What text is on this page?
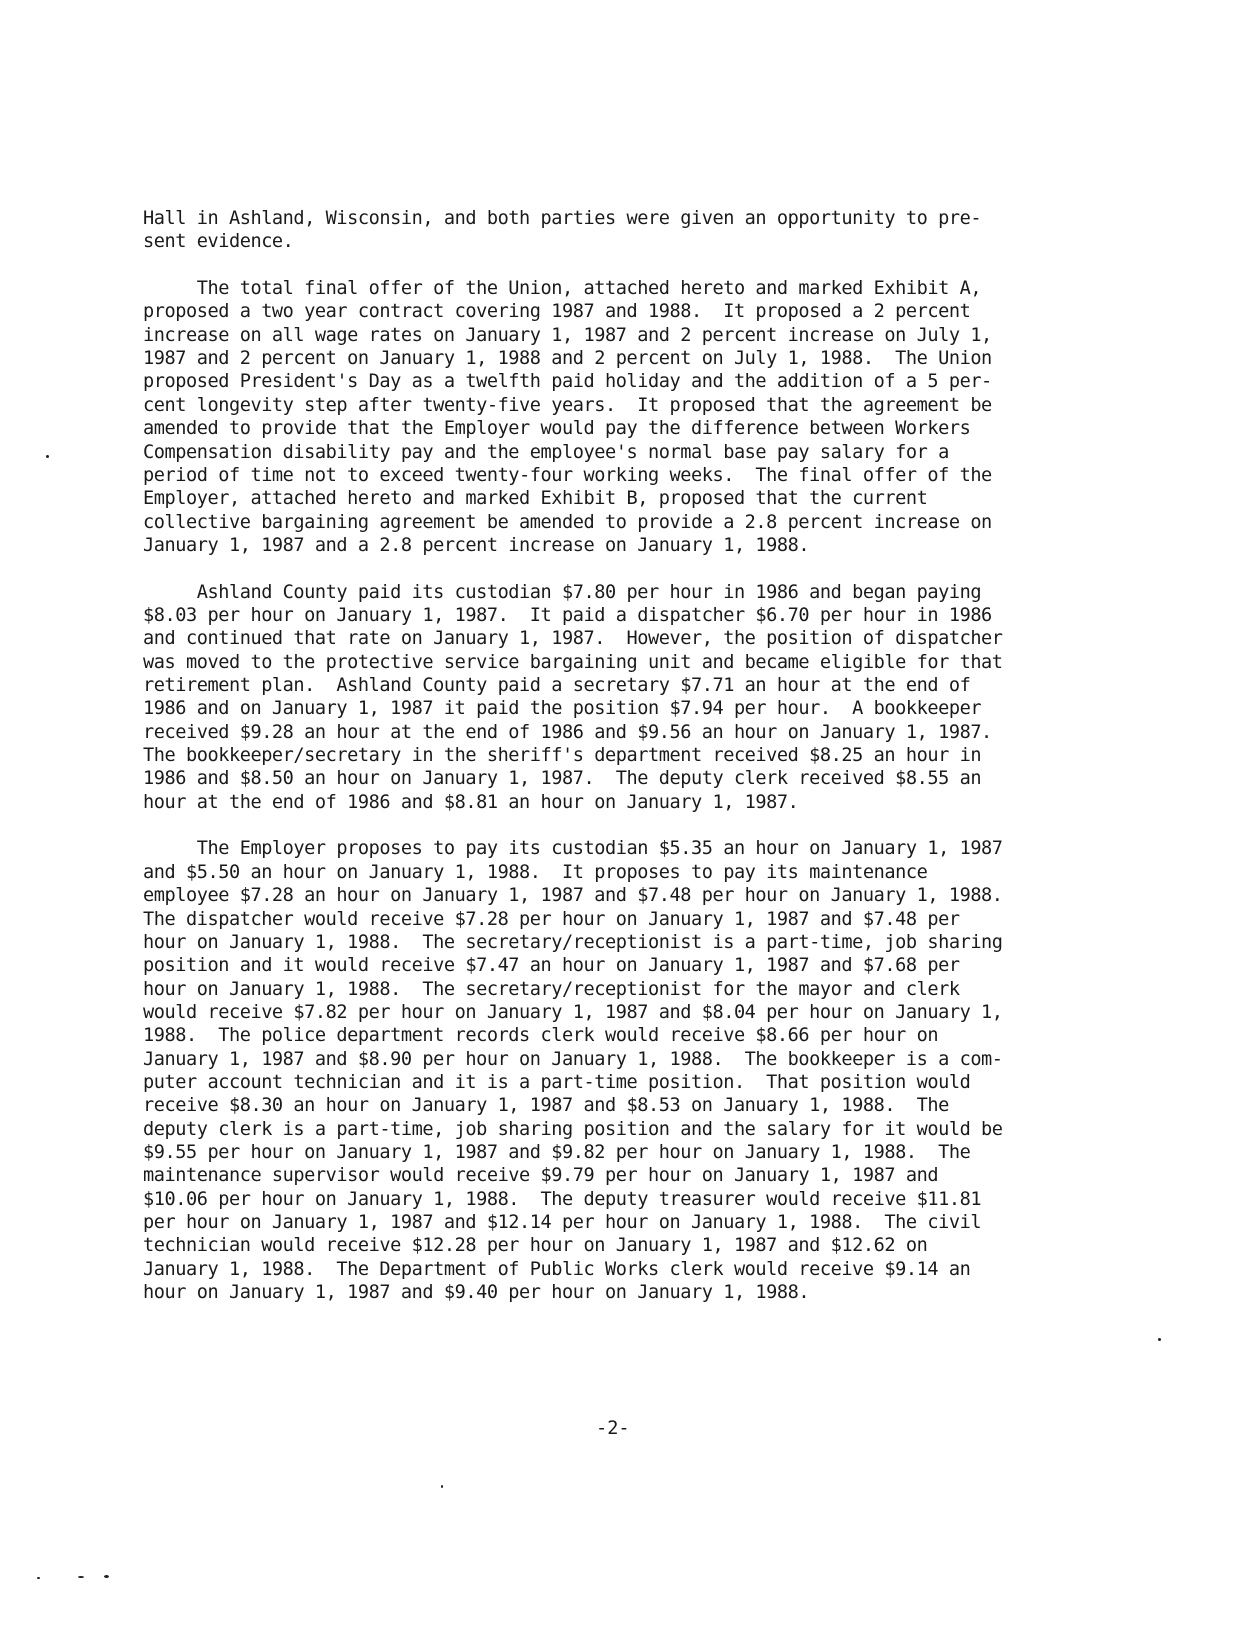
Hall in Ashland, Wisconsin, and both parties were given an opportunity to pre-
sent evidence.
The total final offer of the Union, attached hereto and marked Exhibit A,
proposed a two year contract covering 1987 and 1988.  It proposed a 2 percent
increase on all wage rates on January 1, 1987 and 2 percent increase on July 1,
1987 and 2 percent on January 1, 1988 and 2 percent on July 1, 1988.  The Union
proposed President's Day as a twelfth paid holiday and the addition of a 5 per-
cent longevity step after twenty-five years.  It proposed that the agreement be
amended to provide that the Employer would pay the difference between Workers
Compensation disability pay and the employee's normal base pay salary for a
period of time not to exceed twenty-four working weeks.  The final offer of the
Employer, attached hereto and marked Exhibit B, proposed that the current
collective bargaining agreement be amended to provide a 2.8 percent increase on
January 1, 1987 and a 2.8 percent increase on January 1, 1988.
Ashland County paid its custodian $7.80 per hour in 1986 and began paying
$8.03 per hour on January 1, 1987.  It paid a dispatcher $6.70 per hour in 1986
and continued that rate on January 1, 1987.  However, the position of dispatcher
was moved to the protective service bargaining unit and became eligible for that
retirement plan.  Ashland County paid a secretary $7.71 an hour at the end of
1986 and on January 1, 1987 it paid the position $7.94 per hour.  A bookkeeper
received $9.28 an hour at the end of 1986 and $9.56 an hour on January 1, 1987.
The bookkeeper/secretary in the sheriff's department received $8.25 an hour in
1986 and $8.50 an hour on January 1, 1987.  The deputy clerk received $8.55 an
hour at the end of 1986 and $8.81 an hour on January 1, 1987.
The Employer proposes to pay its custodian $5.35 an hour on January 1, 1987
and $5.50 an hour on January 1, 1988.  It proposes to pay its maintenance
employee $7.28 an hour on January 1, 1987 and $7.48 per hour on January 1, 1988.
The dispatcher would receive $7.28 per hour on January 1, 1987 and $7.48 per
hour on January 1, 1988.  The secretary/receptionist is a part-time, job sharing
position and it would receive $7.47 an hour on January 1, 1987 and $7.68 per
hour on January 1, 1988.  The secretary/receptionist for the mayor and clerk
would receive $7.82 per hour on January 1, 1987 and $8.04 per hour on January 1,
1988.  The police department records clerk would receive $8.66 per hour on
January 1, 1987 and $8.90 per hour on January 1, 1988.  The bookkeeper is a com-
puter account technician and it is a part-time position.  That position would
receive $8.30 an hour on January 1, 1987 and $8.53 on January 1, 1988.  The
deputy clerk is a part-time, job sharing position and the salary for it would be
$9.55 per hour on January 1, 1987 and $9.82 per hour on January 1, 1988.  The
maintenance supervisor would receive $9.79 per hour on January 1, 1987 and
$10.06 per hour on January 1, 1988.  The deputy treasurer would receive $11.81
per hour on January 1, 1987 and $12.14 per hour on January 1, 1988.  The civil
technician would receive $12.28 per hour on January 1, 1987 and $12.62 on
January 1, 1988.  The Department of Public Works clerk would receive $9.14 an
hour on January 1, 1987 and $9.40 per hour on January 1, 1988.
-2-
